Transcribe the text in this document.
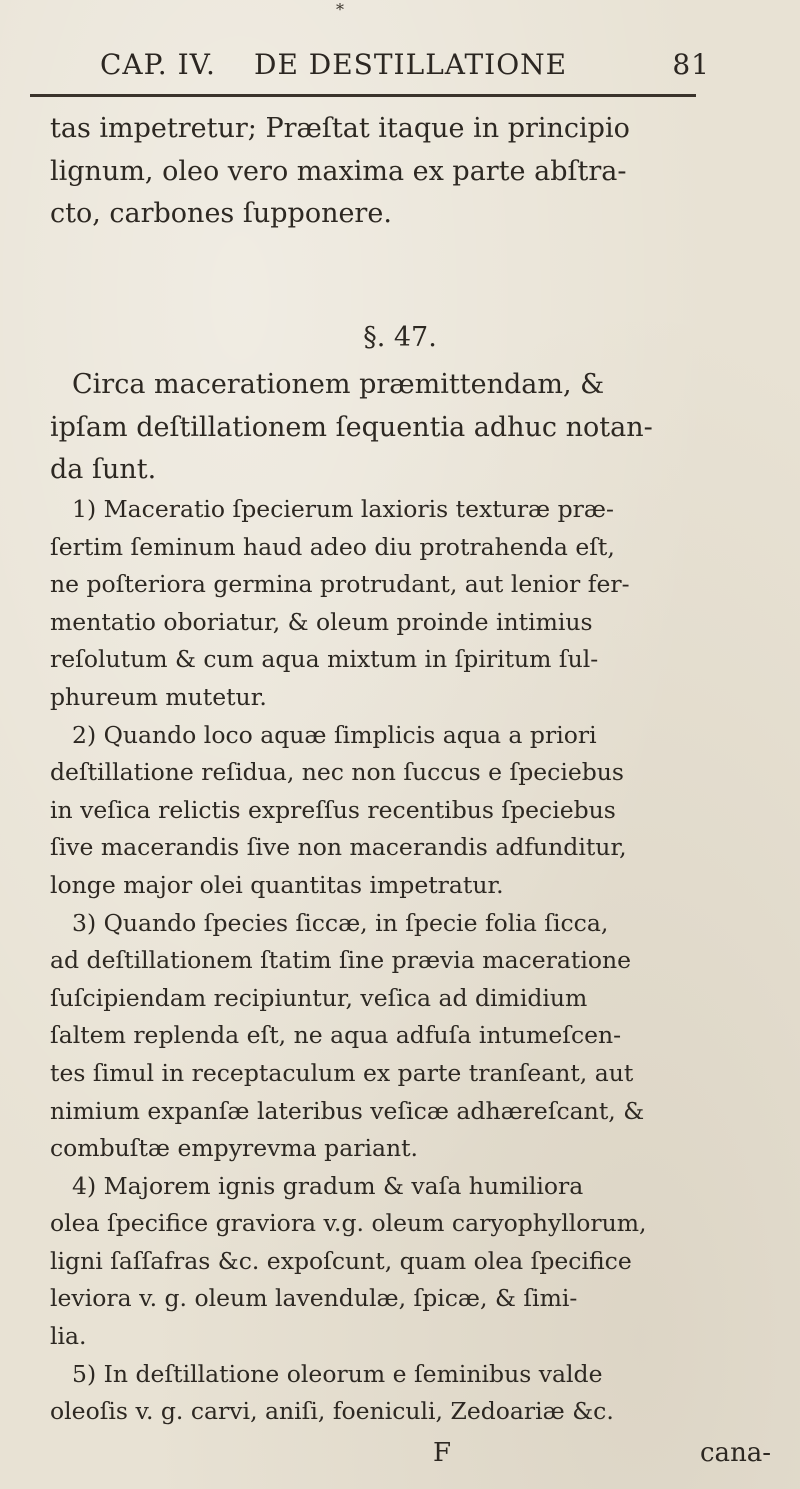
*
CAP. IV. DE DESTILLATIONE	81
tas impetretur; Præſtat itaque in principio
lignum, oleo vero maxima ex parte abſtra-
cto, carbones ſupponere.
§. 47.
Circa macerationem præmittendam, &
ipſam deſtillationem ſequentia adhuc notan-
da ſunt.
1) Maceratio ſpecierum laxioris texturæ præ-
ſertim ſeminum haud adeo diu protrahenda eſt,
ne poſteriora germina protrudant, aut lenior fer-
mentatio oboriatur, & oleum proinde intimius
reſolutum & cum aqua mixtum in ſpiritum ſul-
phureum mutetur.
2) Quando loco aquæ ſimplicis aqua a priori
deſtillatione reſidua, nec non ſuccus e ſpeciebus
in veſica relictis expreſſus recentibus ſpeciebus
ſive macerandis ſive non macerandis adfunditur,
longe major olei quantitas impetratur.
3) Quando ſpecies ſiccæ, in ſpecie folia ſicca,
ad deſtillationem ſtatim ſine prævia maceratione
ſuſcipiendam recipiuntur, veſica ad dimidium
ſaltem replenda eſt, ne aqua adfuſa intumeſcen-
tes ſimul in receptaculum ex parte tranſeant, aut
nimium expanſæ lateribus veſicæ adhæreſcant, &
combuſtæ empyrevma pariant.
4) Majorem ignis gradum & vaſa humiliora
olea ſpecifice graviora v.g. oleum caryophyllorum,
ligni ſaſſafras &c. expoſcunt, quam olea ſpecifice
leviora v. g. oleum lavendulæ, ſpicæ, & ſimi-
lia.
5) In deſtillatione oleorum e ſeminibus valde
oleoſis v. g. carvi, aniſi, foeniculi, Zedoariæ &c.
F	cana-
